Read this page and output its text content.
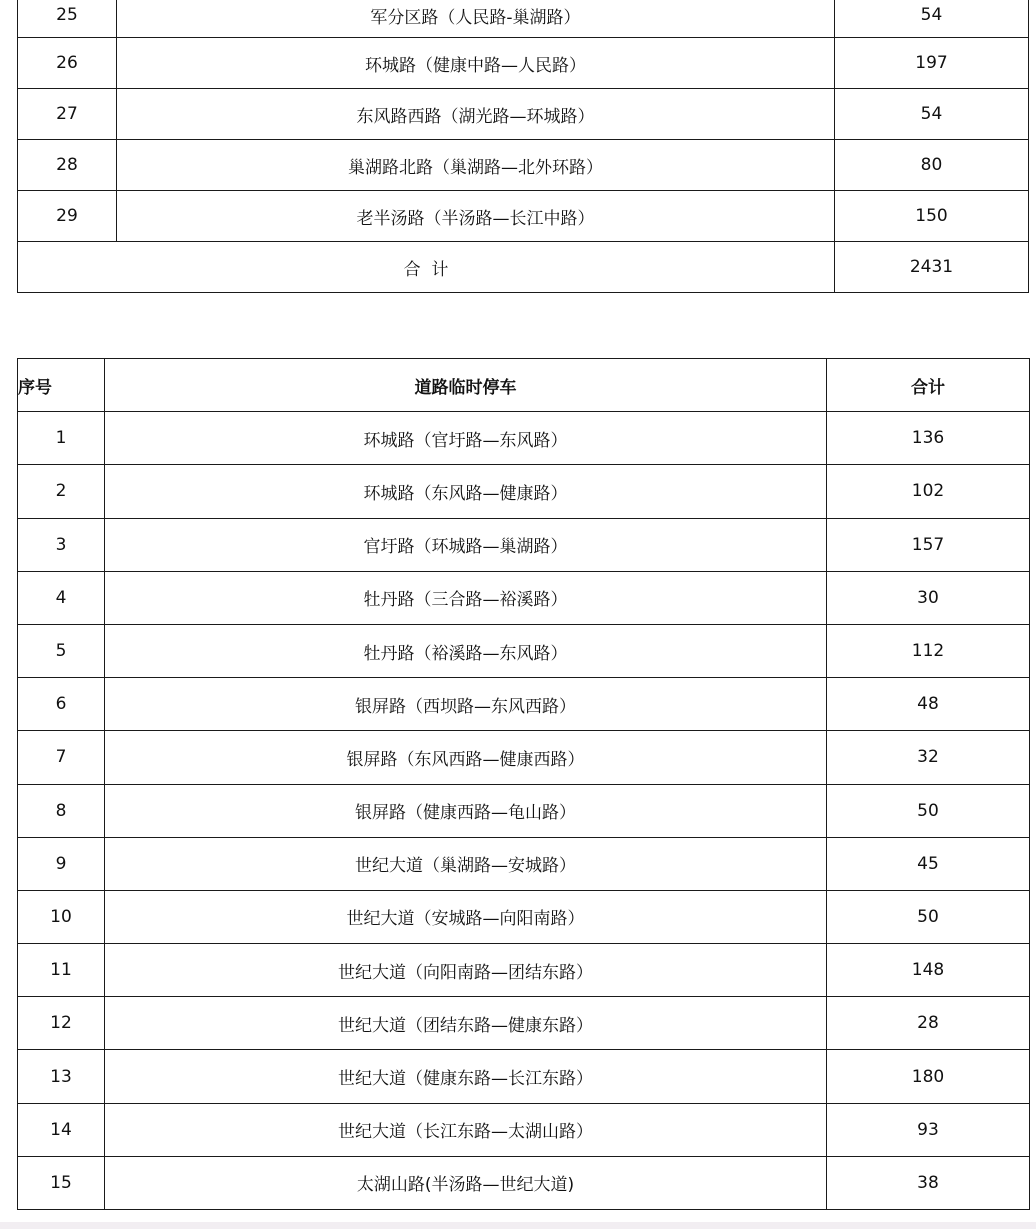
25	军分区路（人民路-巢湖路）	54
26	环城路（健康中路—人民路）	197
27	东风路西路（湖光路—环城路）	54
28	巢湖路北路（巢湖路—北外环路）	80
29	老半汤路（半汤路—长江中路）	150
合  计		2431
序号	道路临时停车	合计
1	环城路（官圩路—东风路）	136
2	环城路（东风路—健康路）	102
3	官圩路（环城路—巢湖路）	157
4	牡丹路（三合路—裕溪路）	30
5	牡丹路（裕溪路—东风路）	112
6	银屏路（西坝路—东风西路）	48
7	银屏路（东风西路—健康西路）	32
8	银屏路（健康西路—龟山路）	50
9	世纪大道（巢湖路—安城路）	45
10	世纪大道（安城路—向阳南路）	50
11	世纪大道（向阳南路—团结东路）	148
12	世纪大道（团结东路—健康东路）	28
13	世纪大道（健康东路—长江东路）	180
14	世纪大道（长江东路—太湖山路）	93
15	太湖山路(半汤路—世纪大道)	38
